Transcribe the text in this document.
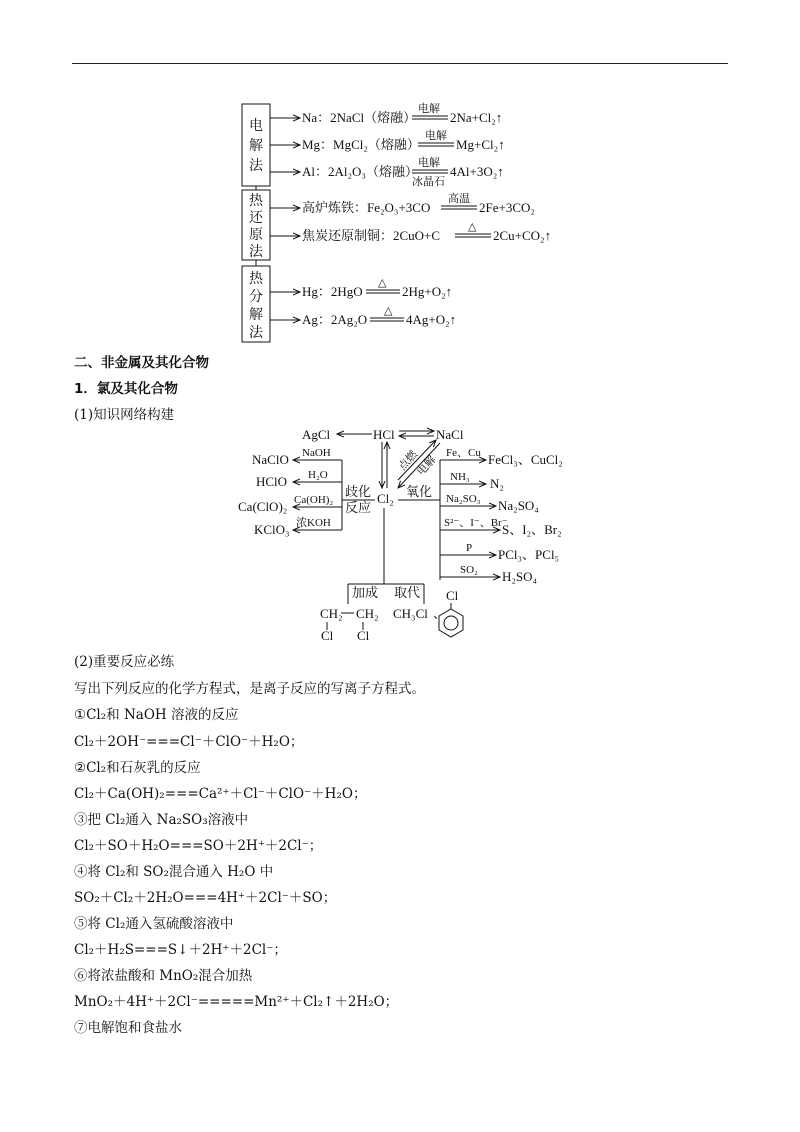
电
解
法
热
还
原
法
热
分
解
法
Na：2NaCl（熔融）
电解
2Na+Cl₂↑
Mg：MgCl₂（熔融）
电解
Mg+Cl₂↑
Al：2Al₂O₃（熔融）
电解
冰晶石
4Al+3O₂↑
高炉炼铁：Fe₂O₃+3CO
高温
2Fe+3CO₂
焦炭还原制铜：2CuO+C
△
2Cu+CO₂↑
Hg：2HgO
△
2Hg+O₂↑
Ag：2Ag₂O
△
4Ag+O₂↑
AgCl	HCl	NaCl
点燃
电解
Cl₂
歧化
反应
NaOH
H₂O
Ca(OH)₂
浓KOH
NaClO
HClO
Ca(ClO)₂
KClO₃
氧化
Fe、Cu FeCl₃、CuCl₂
NH₃ N₂
Na₂SO₃ Na₂SO₄
S²⁻、I⁻、Br⁻
S、I₂、Br₂
P PCl₃、PCl₅
SO₂ H₂SO₄
加成 取代
CH₂ CH₂
Cl Cl
CH₃Cl 、
Cl
二、非金属及其化合物
1．氯及其化合物
(1)知识网络构建
(2)重要反应必练
写出下列反应的化学方程式，是离子反应的写离子方程式。
①Cl₂和 NaOH 溶液的反应
Cl₂＋2OH⁻===Cl⁻＋ClO⁻＋H₂O；
②Cl₂和石灰乳的反应
Cl₂＋Ca(OH)₂===Ca²⁺＋Cl⁻＋ClO⁻＋H₂O；
③把 Cl₂通入 Na₂SO₃溶液中
Cl₂＋SO＋H₂O===SO＋2H⁺＋2Cl⁻；
④将 Cl₂和 SO₂混合通入 H₂O 中
SO₂＋Cl₂＋2H₂O===4H⁺＋2Cl⁻＋SO；
⑤将 Cl₂通入氢硫酸溶液中
Cl₂＋H₂S===S↓＋2H⁺＋2Cl⁻；
⑥将浓盐酸和 MnO₂混合加热
MnO₂＋4H⁺＋2Cl⁻=====Mn²⁺＋Cl₂↑＋2H₂O；
⑦电解饱和食盐水
